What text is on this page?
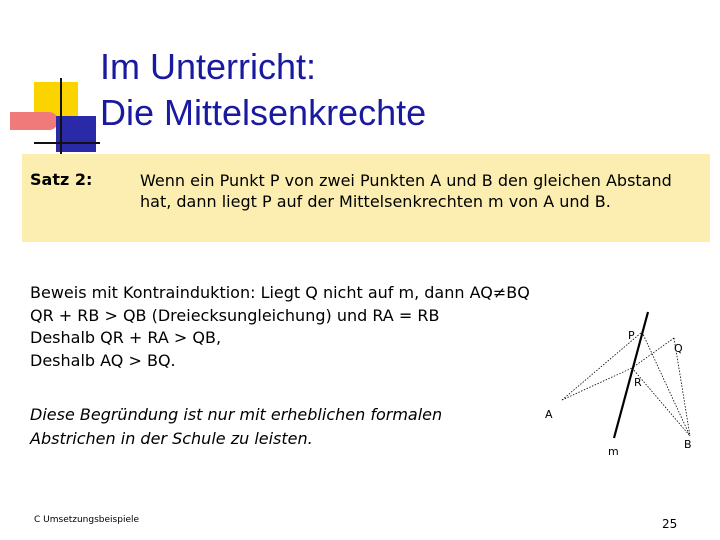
Im Unterricht:
Die Mittelsenkrechte
Satz 2:	Wenn ein Punkt P von zwei Punkten A und B den gleichen Abstand hat, dann liegt P auf der Mittelsenkrechten m von A und B.
Beweis mit Kontrainduktion: Liegt Q nicht auf m, dann AQ≠BQ
QR + RB > QB (Dreiecksungleichung) und RA = RB
Deshalb QR + RA > QB,
Deshalb AQ > BQ.
Diese Begründung ist nur mit erheblichen formalen
Abstrichen in der Schule zu leisten.
P
Q
R
A
B
m
C Umsetzungsbeispiele	25
